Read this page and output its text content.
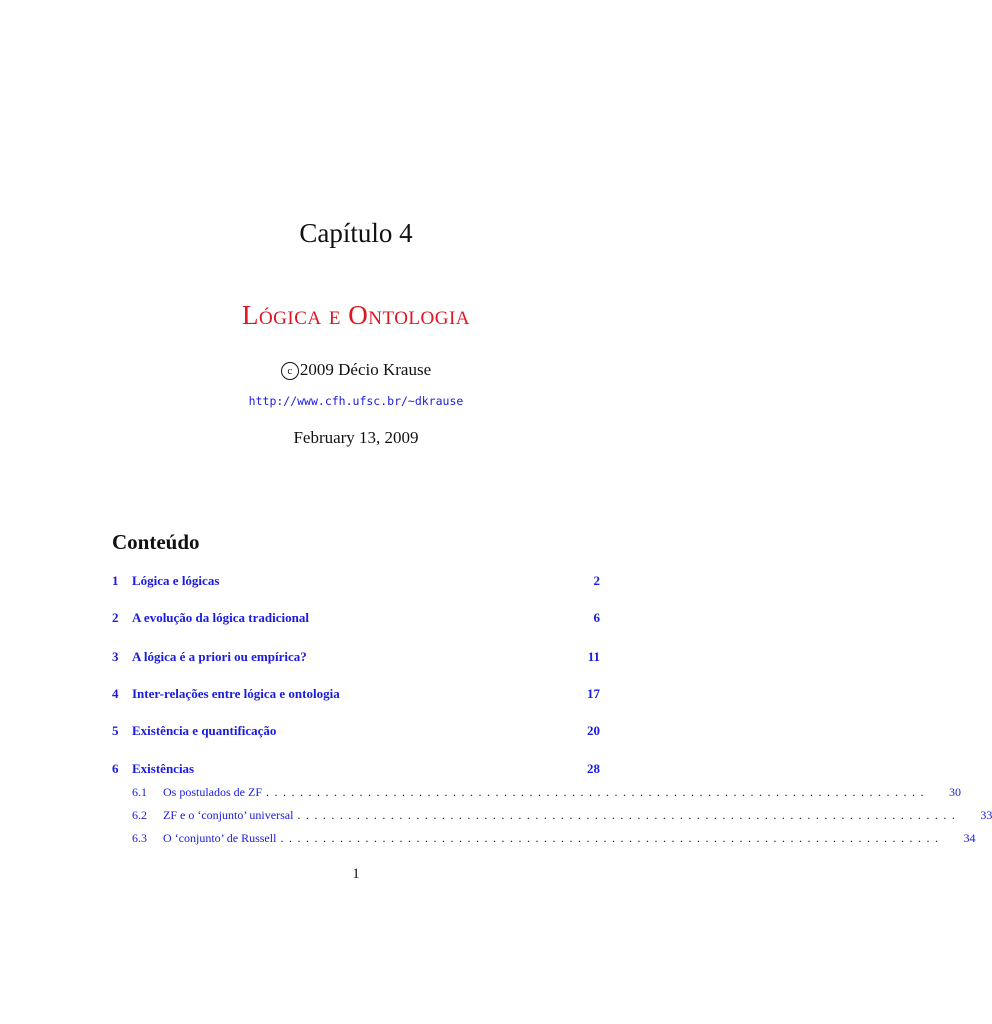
Capítulo 4
Lógica e Ontologia
c 2009 Décio Krause
http://www.cfh.ufsc.br/~dkrause
February 13, 2009
Conteúdo
1	Lógica e lógicas	2
2	A evolução da lógica tradicional	6
3	A lógica é a priori ou empírica?	11
4	Inter-relações entre lógica e ontologia	17
5	Existência e quantificação	20
6	Existências	28
6.1	Os postulados de ZF ..............................................................................	30
6.2	ZF e o ‘conjunto’ universal ..............................................................................	33
6.3	O ‘conjunto’ de Russell ..............................................................................	34
1
